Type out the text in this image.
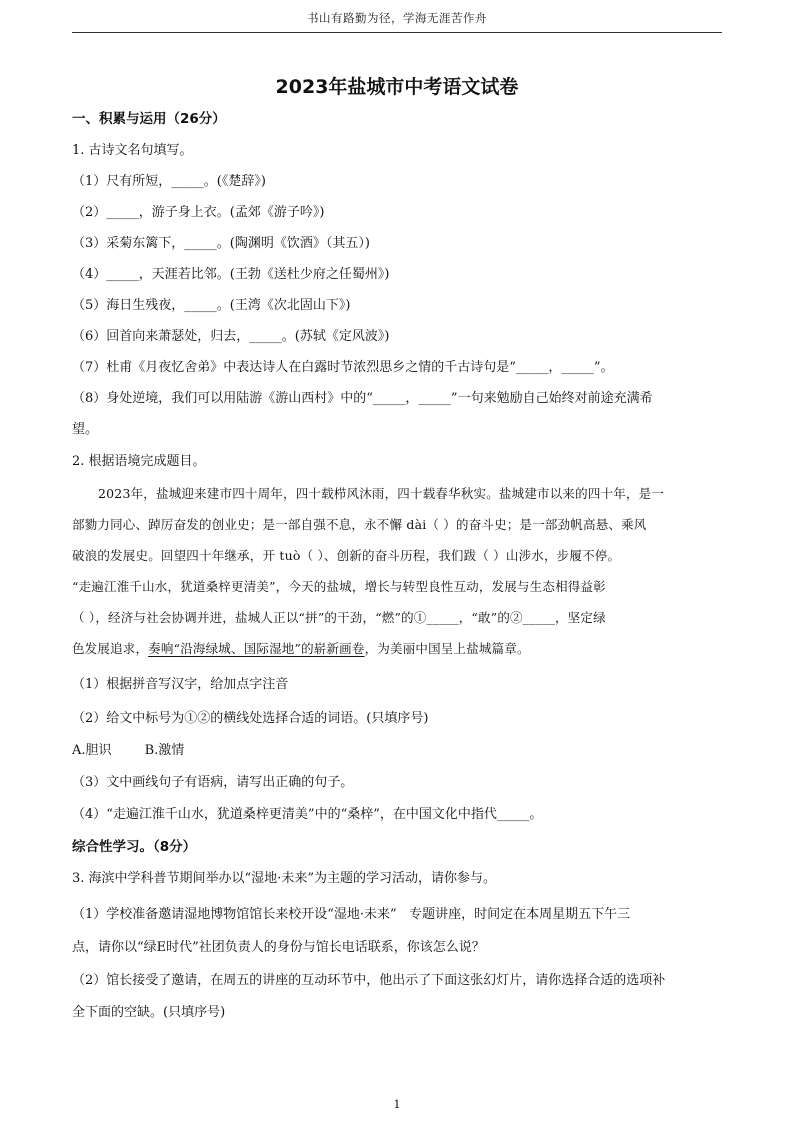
书山有路勤为径，学海无涯苦作舟
2023年盐城市中考语文试卷
一、积累与运用（26分）
1. 古诗文名句填写。
（1）尺有所短，_____。(《楚辞》)
（2）_____，游子身上衣。(孟郊《游子吟》)
（3）采菊东篱下，_____。(陶渊明《饮酒》（其五）)
（4）_____，天涯若比邻。(王勃《送杜少府之任蜀州》)
（5）海日生残夜，_____。(王湾《次北固山下》)
（6）回首向来萧瑟处，归去，_____。(苏轼《定风波》)
（7）杜甫《月夜忆舍弟》中表达诗人在白露时节浓烈思乡之情的千古诗句是“_____，_____”。
（8）身处逆境，我们可以用陆游《游山西村》中的“_____，_____”一句来勉励自己始终对前途充满希
望。
2. 根据语境完成题目。
2023年，盐城迎来建市四十周年，四十载栉风沐雨，四十载春华秋实。盐城建市以来的四十年，是一
部勠力同心、踔厉奋发的创业史；是一部自强不息，永不懈 dài（ ）的奋斗史；是一部劲帆高悬、乘风
破浪的发展史。回望四十年继承，开 tuò（ ）、创新的奋斗历程，我们跋（ ）山涉水，步履不停。
“走遍江淮千山水，犹道桑梓更清美”，今天的盐城，增长与转型良性互动，发展与生态相得益彰
（ ），经济与社会协调并进，盐城人正以“拼”的干劲，“燃”的①_____，“敢”的②_____，坚定绿
色发展追求，奏响“沿海绿城、国际湿地”的崭新画卷，为美丽中国呈上盐城篇章。
（1）根据拼音写汉字，给加点字注音
（2）给文中标号为①②的横线处选择合适的词语。(只填序号)
A.胆识        B.激情
（3）文中画线句子有语病，请写出正确的句子。
（4）“走遍江淮千山水，犹道桑梓更清美”中的“桑梓”，在中国文化中指代_____。
综合性学习。（8分）
3. 海滨中学科普节期间举办以“湿地·未来”为主题的学习活动，请你参与。
（1）学校准备邀请湿地博物馆馆长来校开设“湿地·未来”   专题讲座，时间定在本周星期五下午三
点，请你以“绿E时代”社团负责人的身份与馆长电话联系，你该怎么说？
（2）馆长接受了邀请，在周五的讲座的互动环节中，他出示了下面这张幻灯片，请你选择合适的选项补
全下面的空缺。(只填序号)
1
